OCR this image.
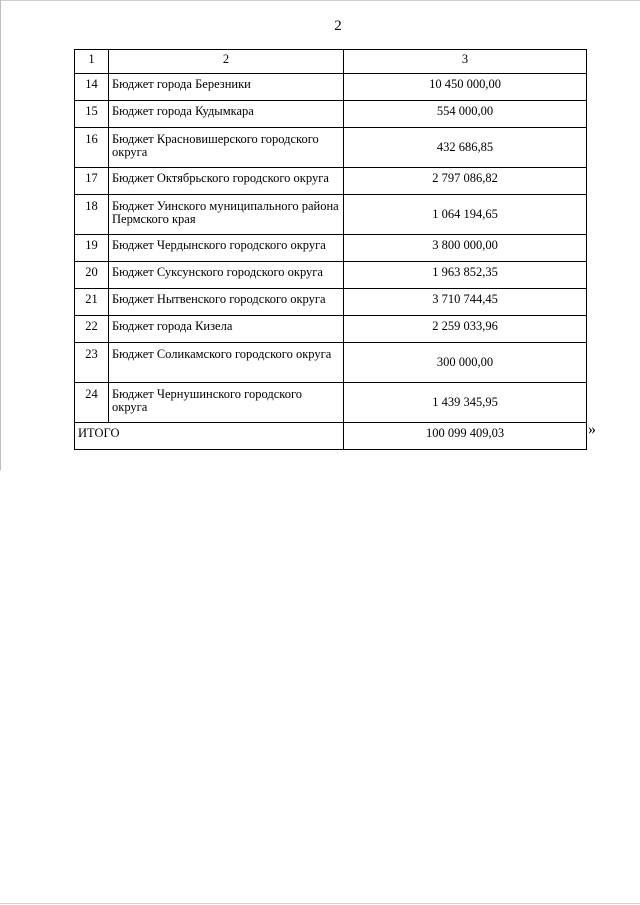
2
1	2	3
14	Бюджет города Березники	10 450 000,00
15	Бюджет города Кудымкара	554 000,00
16	Бюджет Красновишерского городского округа	432 686,85
17	Бюджет Октябрьского городского округа	2 797 086,82
18	Бюджет Уинского муниципального района Пермского края	1 064 194,65
19	Бюджет Чердынского городского округа	3 800 000,00
20	Бюджет Суксунского городского округа	1 963 852,35
21	Бюджет Нытвенского городского округа	3 710 744,45
22	Бюджет города Кизела	2 259 033,96
23	Бюджет Соликамского городского округа	300 000,00
24	Бюджет Чернушинского городского округа	1 439 345,95
ИТОГО		100 099 409,03	»
